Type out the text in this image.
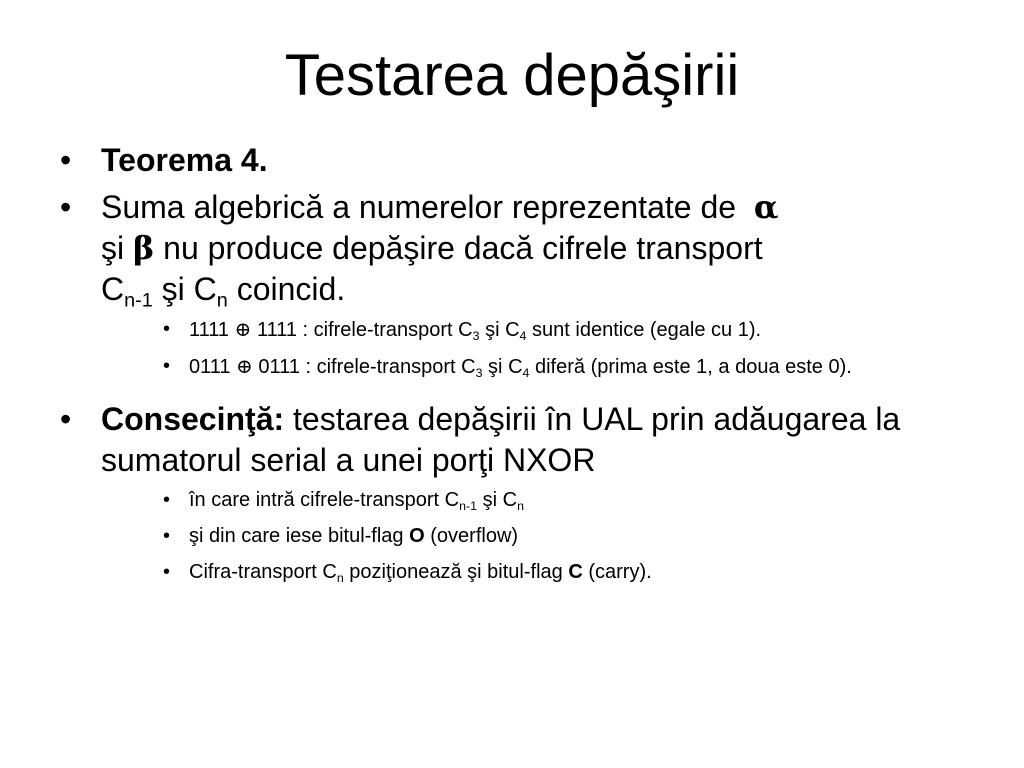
Testarea depăşirii
• Teorema 4.
• Suma algebrică a numerelor reprezentate de α
şi β nu produce depăşire dacă cifrele transport
$C_{n-1}$ şi $C_n$ coincid.
• 1111 ⊕ 1111 : cifrele-transport $C_3$ şi $C_4$ sunt identice (egale cu 1).
• 0111 ⊕ 0111 : cifrele-transport $C_3$ şi $C_4$ diferă (prima este 1, a doua este 0).
• Consecinţă: testarea depăşirii în UAL prin adăugarea la sumatorul serial a unei porţi NXOR
• în care intră cifrele-transport $C_{n-1}$ şi $C_n$
• şi din care iese bitul-flag O (overflow)
• Cifra-transport $C_n$ poziţionează şi bitul-flag C (carry).
